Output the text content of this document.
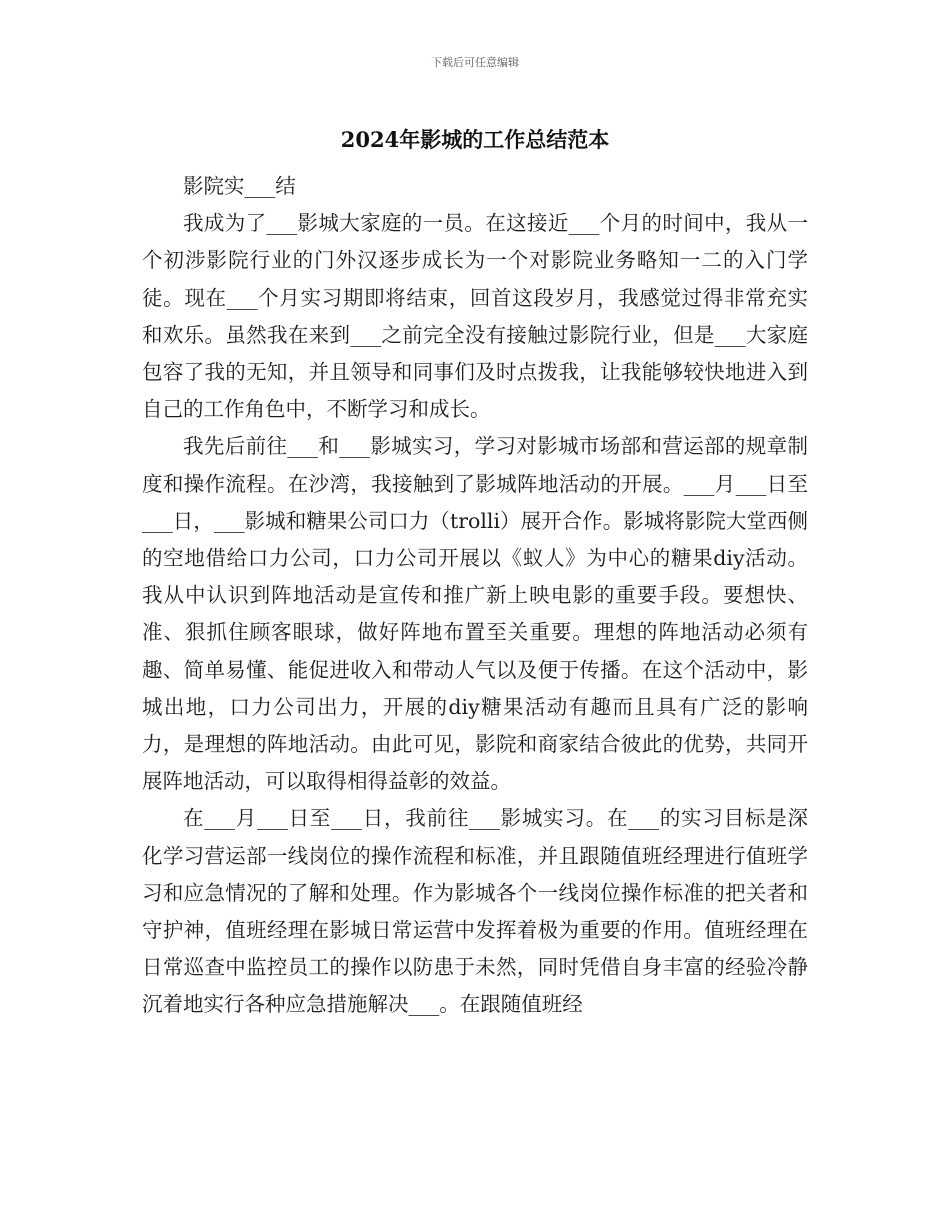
下载后可任意编辑
2024年影城的工作总结范本

影院实___结

我成为了___影城大家庭的一员。在这接近___个月的时间中，我从一个初涉影院行业的门外汉逐步成长为一个对影院业务略知一二的入门学徒。现在___个月实习期即将结束，回首这段岁月，我感觉过得非常充实和欢乐。虽然我在来到___之前完全没有接触过影院行业，但是___大家庭包容了我的无知，并且领导和同事们及时点拨我，让我能够较快地进入到自己的工作角色中，不断学习和成长。

我先后前往___和___影城实习，学习对影城市场部和营运部的规章制度和操作流程。在沙湾，我接触到了影城阵地活动的开展。___月___日至___日，___影城和糖果公司口力（trolli）展开合作。影城将影院大堂西侧的空地借给口力公司，口力公司开展以《蚁人》为中心的糖果diy活动。我从中认识到阵地活动是宣传和推广新上映电影的重要手段。要想快、准、狠抓住顾客眼球，做好阵地布置至关重要。理想的阵地活动必须有趣、简单易懂、能促进收入和带动人气以及便于传播。在这个活动中，影城出地，口力公司出力，开展的diy糖果活动有趣而且具有广泛的影响力，是理想的阵地活动。由此可见，影院和商家结合彼此的优势，共同开展阵地活动，可以取得相得益彰的效益。

在___月___日至___日，我前往___影城实习。在___的实习目标是深化学习营运部一线岗位的操作流程和标准，并且跟随值班经理进行值班学习和应急情况的了解和处理。作为影城各个一线岗位操作标准的把关者和守护神，值班经理在影城日常运营中发挥着极为重要的作用。值班经理在日常巡查中监控员工的操作以防患于未然，同时凭借自身丰富的经验冷静沉着地实行各种应急措施解决___。在跟随值班经
